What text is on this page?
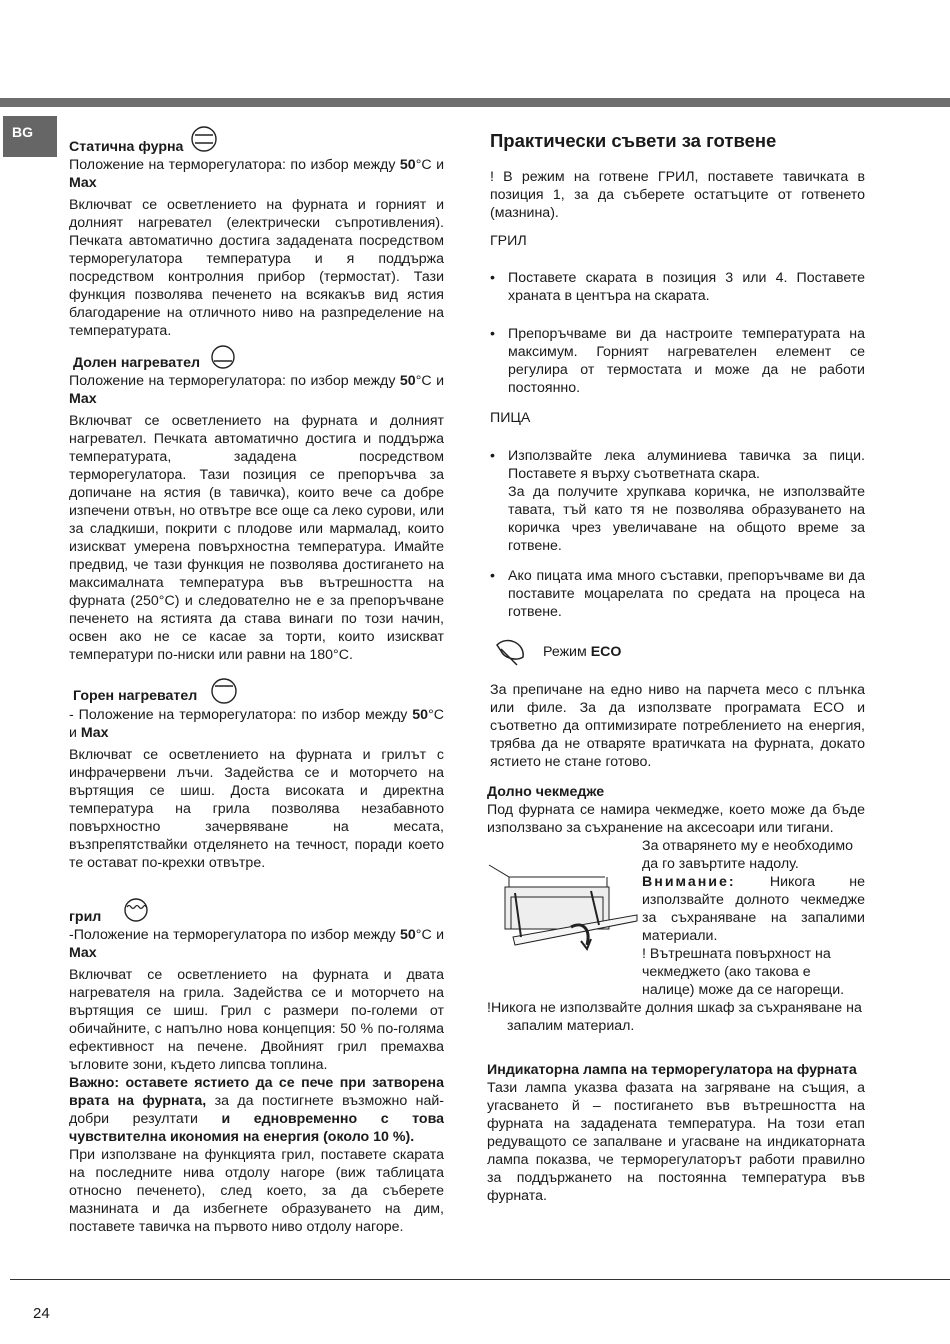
BG
Статична фурна

Положение на терморегулатора: по избор между 50°C и Max

Включват се осветлението на фурната и горният и долният нагревател (електрически съпротивления). Печката автоматично достига зададената посредством терморегулатора температура и я поддържа посредством контролния прибор (термостат). Тази функция позволява печенето на всякакъв вид ястия благодарение на отличното ниво на разпределение на температурата.

Долен нагревател

Положение на терморегулатора: по избор между 50°C и Max

Включват се осветлението на фурната и долният нагревател. Печката автоматично достига и поддържа температурата, зададена посредством терморегулатора. Тази позиция се препоръчва за допичане на ястия (в тавичка), които вече са добре изпечени отвън, но отвътре все още са леко сурови, или за сладкиши, покрити с плодове или мармалад, които изискват умерена повърхностна температура. Имайте предвид, че тази функция не позволява достигането на максималната температура във вътрешността на фурната (250°C) и следователно не е за препоръчване печенето на ястията да става винаги по този начин, освен ако не се касае за торти, които изискват температури по-ниски или равни на 180°C.

Горен нагревател

- Положение на терморегулатора: по избор между 50°C и Max

Включват се осветлението на фурната и грилът с инфрачервени лъчи. Задейства се и моторчето на въртящия се шиш. Доста високата и директна температура на грила позволява незабавното повърхностно зачервяване на месата, възпрепятствайки отделянето на течност, поради което те остават по-крехки отвътре.

грил

-Положение на терморегулатора по избор между 50°C и Max

Включват се осветлението на фурната и двата нагревателя на грила. Задейства се и моторчето на въртящия се шиш. Грил с размери по-големи от обичайните, с напълно нова концепция: 50 % по-голяма ефективност на печене. Двойният грил премахва ъгловите зони, където липсва топлина.

Важно: оставете ястието да се пече при затворена врата на фурната, за да постигнете възможно най-добри резултати и едновременно с това чувствителна икономия на енергия (около 10 %).

При използване на функцията грил, поставете скарата на последните нива отдолу нагоре (виж таблицата относно печенето), след което, за да съберете мазнината и да избегнете образуването на дим, поставете тавичка на първото ниво отдолу нагоре.

Практически съвети за готвене

! В режим на готвене ГРИЛ, поставете тавичката в позиция 1, за да съберете остатъците от готвенето (мазнина).

ГРИЛ
• Поставете скарата в позиция 3 или 4. Поставете храната в центъра на скарата.
• Препоръчваме ви да настроите температурата на максимум. Горният нагревателен елемент се регулира от термостата и може да не работи постоянно.
ПИЦА
• Използвайте лека алуминиева тавичка за пици. Поставете я върху съответната скара.
За да получите хрупкава коричка, не използвайте тавата, тъй като тя не позволява образуването на коричка чрез увеличаване на общото време за готвене.
• Ако пицата има много съставки, препоръчваме ви да поставите моцарелата по средата на процеса на готвене.
Режим ECO

За препичане на едно ниво на парчета месо с плънка или филе. За да използвате програмата ECO и съответно да оптимизирате потреблението на енергия, трябва да не отваряте вратичката на фурната, докато ястието не стане готово.

Долно чекмедже

Под фурната се намира чекмедже, което може да бъде използвано за съхранение на аксесоари или тигани.

За отварянето му е необходимо да го завъртите надолу.

Внимание: Никога не използвайте долното чекмедже за съхраняване на запалими материали.

! Вътрешната повърхност на чекмеджето (ако такова е налице) може да се нагорещи.

!Никога не използвайте долния шкаф за съхраняване на запалим материал.

Индикаторна лампа на терморегулатора на фурната

Тази лампа указва фазата на загряване на същия, а угасването й – постигането във вътрешността на фурната на зададената температура. На този етап редуващото се запалване и угасване на индикаторната лампа показва, че терморегулаторът работи правилно за поддържането на постоянна температура във фурната.

24
